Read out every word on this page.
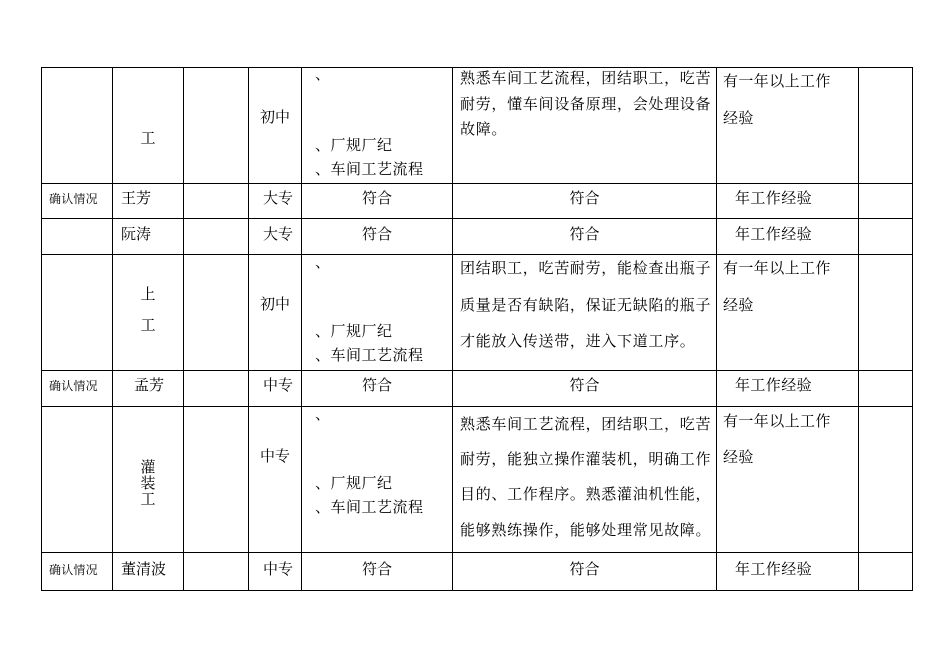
	工		初中	、
、厂规厂纪
、车间工艺流程	熟悉车间工艺流程，团结职工，吃苦
耐劳，懂车间设备原理，会处理设备
故障。	有一年以上工作
经验	

确认情况	王芳		大专	符合	符合	年工作经验	

	阮涛		大专	符合	符合	年工作经验	

	上
工		初中	、
、厂规厂纪
、车间工艺流程	团结职工，吃苦耐劳，能检查出瓶子
质量是否有缺陷，保证无缺陷的瓶子
才能放入传送带，进入下道工序。	有一年以上工作
经验	

确认情况	孟芳		中专	符合	符合	年工作经验	

	灌
装
工		中专	、
、厂规厂纪
、车间工艺流程	熟悉车间工艺流程，团结职工，吃苦
耐劳，能独立操作灌装机，明确工作
目的、工作程序。熟悉灌油机性能，
能够熟练操作，能够处理常见故障。	有一年以上工作
经验	

确认情况	董清波		中专	符合	符合	年工作经验	
